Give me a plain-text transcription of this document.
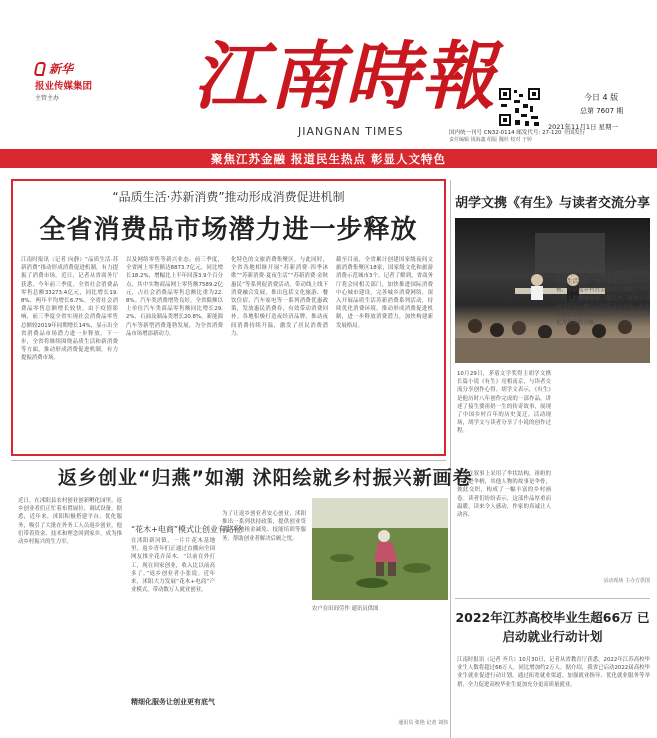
新华
报业传媒集团
主管主办	江南時報
JIANGNAN TIMES
今日 4 版
总第 7607 期
2021年11月1日 星期一
国内统一刊号 CN32-0114 邮发代号: 27-120 全国发行
责任编辑 钱海鑫 组版 魏杉 校对 于婷
聚焦江苏金融 报道民生热点 彰显人文特色
“品质生活·苏新消费”推动形成消费促进机制
全省消费品市场潜力进一步释放
江南时报讯（记者 向静）“品质生活·苏新消费”推动形成消费促进机制，有力提振了消费市场。近日，记者从省商务厅获悉，今年前三季度，全省社会消费品零售总额33273.4亿元，同比增长19.8%，两年平均增长6.7%。全省社会消费品零售总额增长较快，由于疫情影响，前三季度全省实现社会消费品零售总额较2019年同期增长14%，显示出全省消费品市场潜力进一步释放。下一步，全省将继续围绕品质生活和新消费等方面，推动形成消费促进机制，有力提振消费市场。
以及网络零售等新兴业态。前三季度，全省网上零售额达8873.7亿元，同比增长18.2%，增幅比上半年回落3.9个百分点，其中实物商品网上零售额7589.2亿元，占社会消费品零售总额比重为22.8%。汽车类消费增势良好，全省限额以上单位汽车类商品零售额同比增长29.2%，石油及制品类增长20.8%，新能源汽车等新型消费蓬勃发展，为全省消费品市场增添新动力。
化特色的文旅消费集聚区，与此同时，全省各地相继开展“苏新消费·四季沐歌”“苏新消费·夏夜生活”“苏新消费·金秋惠民”等系列促消费活动，带动线上线下消费融合发展，推出包括文化旅游、餐饮住宿、汽车家电等一系列消费优惠政策，发放惠民消费券，有效带动消费回补。各地积极打造夜经济品牌，推动夜间消费持续升温，激发了居民消费潜力。
截至目前，全省累计创建国家级夜间文旅消费集聚区18家，国家级文化和旅游消费示范城市3个。记者了解到，省商务厅将会同相关部门，加快推进国际消费中心城市建设，完善城乡消费网络，深入开展品质生活苏新消费系列活动，持续优化消费环境，推动形成消费促进机制，进一步释放消费潜力，加快构建新发展格局。
胡学文携《有生》与读者交流分享
10月29日，茅盾文学奖得主胡学文携长篇小说《有生》亮相南京，与读者交流分享创作心得。胡学文表示，《有生》是他历时八年创作完成的一部作品，讲述了接生婆祖奶一生的传奇故事，展现了中国乡村百年的历史变迁。活动现场，胡学文与读者分享了小说的创作过程。
胡学文介绍，祖奶这个人物的原型来自他的生活经验，他希望通过这样一个人物，串联起乡村社会的方方面面，写出一代人的精神面貌。他认为，好的小说应当写出人物内心的复杂与丰富，作家要有耐心倾听生活的声音，并把它们转化为文学的力量。
小说在叙事上采用了伞状结构，祖奶的讲述是伞柄，其他人物的故事是伞骨，彼此交织，构成了一幅丰富的乡村画卷。读者们纷纷表示，这部作品厚重而温暖，读来令人感动，作家的真诚让人动容。
活动现场 主办方供图
返乡创业“归燕”如潮 沭阳绘就乡村振兴新画卷
近日，在沭阳县农村创业创新孵化园里，返乡创业者们正忙着布置展位、调试设备。据悉，近年来，沭阳积极搭建平台、优化服务，吸引了大批在外务工人员返乡创业，他们带着资金、技术和理念回到家乡，成为推动乡村振兴的生力军。
“花木+电商”模式让创业有路径
在沭阳新河镇，一片片花木基地里，返乡青年们正通过直播向全国网友推介花卉苗木。“以前在外打工，现在回家创业，收入比以前高多了。”返乡创业者小张说。近年来，沭阳大力发展“花木+电商”产业模式，带动数万人就业创业。
精细化服务让创业更有底气
为了让返乡创业者安心创业，沭阳推出一系列扶持政策，提供创业贷款、场地租金减免、技能培训等服务，帮助创业者解决后顾之忧。
农户在田间劳作 通讯员供图
通讯员 张艳 记者 刘伟
2022年江苏高校毕业生超66万 已启动就业行动计划
江南时报讯（记者 齐兵）10月30日，记者从省教育厅获悉，2022年江苏高校毕业生人数将超过66万人，同比增加约2万人。据介绍，我省已启动2022届高校毕业生就业促进行动计划，通过拓宽就业渠道、加强就业指导、优化就业服务等举措，全力促进高校毕业生更加充分更高质量就业。
